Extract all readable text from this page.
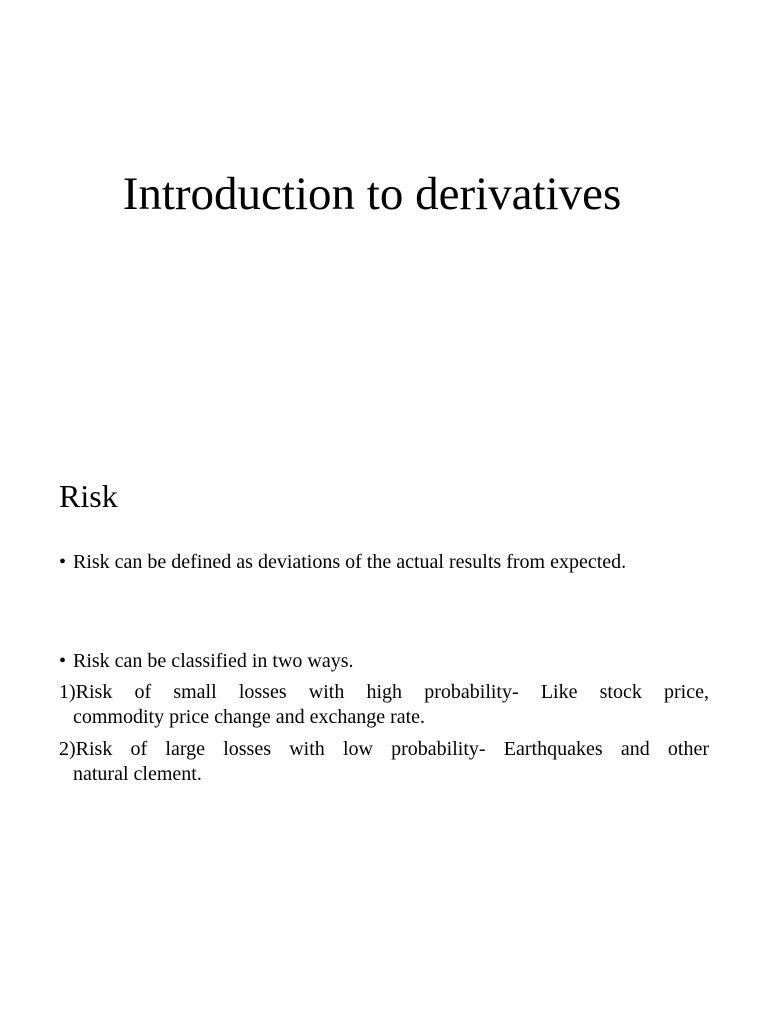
Introduction to derivatives
Risk

• Risk can be defined as deviations of the actual results from expected.

• Risk can be classified in two ways.

1)Risk of small losses with high probability- Like stock price,
commodity price change and exchange rate.

2)Risk of large losses with low probability- Earthquakes and other
natural clement.
